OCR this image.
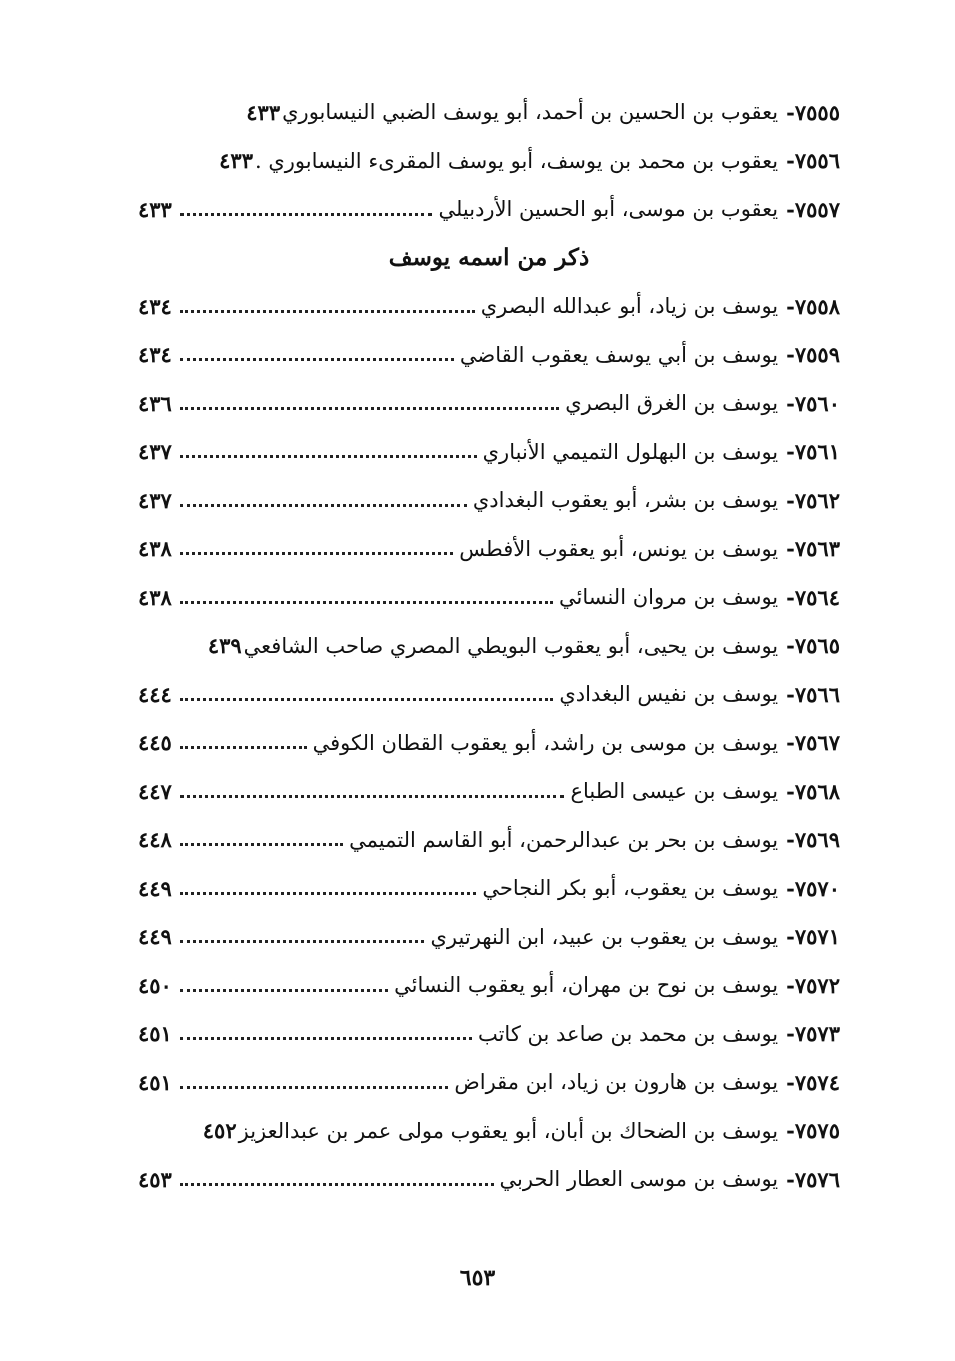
٧٥٥٥-
يعقوب بن الحسين بن أحمد، أبو يوسف الضبي النيسابوري
٤٣٣
٧٥٥٦-
يعقوب بن محمد بن يوسف، أبو يوسف المقرىء النيسابوري .
٤٣٣
٧٥٥٧-
يعقوب بن موسى، أبو الحسين الأردبيلي
٤٣٣
ذكر من اسمه يوسف
٧٥٥٨-
يوسف بن زياد، أبو عبدالله البصري
٤٣٤
٧٥٥٩-
يوسف بن أبي يوسف يعقوب القاضي
٤٣٤
٧٥٦٠-
يوسف بن الغرق البصري
٤٣٦
٧٥٦١-
يوسف بن البهلول التميمي الأنباري
٤٣٧
٧٥٦٢-
يوسف بن بشر، أبو يعقوب البغدادي
٤٣٧
٧٥٦٣-
يوسف بن يونس، أبو يعقوب الأفطس
٤٣٨
٧٥٦٤-
يوسف بن مروان النسائي
٤٣٨
٧٥٦٥-
يوسف بن يحيى، أبو يعقوب البويطي المصري صاحب الشافعي
٤٣٩
٧٥٦٦-
يوسف بن نفيس البغدادي
٤٤٤
٧٥٦٧-
يوسف بن موسى بن راشد، أبو يعقوب القطان الكوفي
٤٤٥
٧٥٦٨-
يوسف بن عيسى الطباع
٤٤٧
٧٥٦٩-
يوسف بن بحر بن عبدالرحمن، أبو القاسم التميمي
٤٤٨
٧٥٧٠-
يوسف بن يعقوب، أبو بكر النجاحي
٤٤٩
٧٥٧١-
يوسف بن يعقوب بن عبيد، ابن النهرتيري
٤٤٩
٧٥٧٢-
يوسف بن نوح بن مهران، أبو يعقوب النسائي
٤٥٠
٧٥٧٣-
يوسف بن محمد بن صاعد بن كاتب
٤٥١
٧٥٧٤-
يوسف بن هارون بن زياد، ابن مقراض
٤٥١
٧٥٧٥-
يوسف بن الضحاك بن أبان، أبو يعقوب مولى عمر بن عبدالعزيز
٤٥٢
٧٥٧٦-
يوسف بن موسى العطار الحربي
٤٥٣
٦٥٣
